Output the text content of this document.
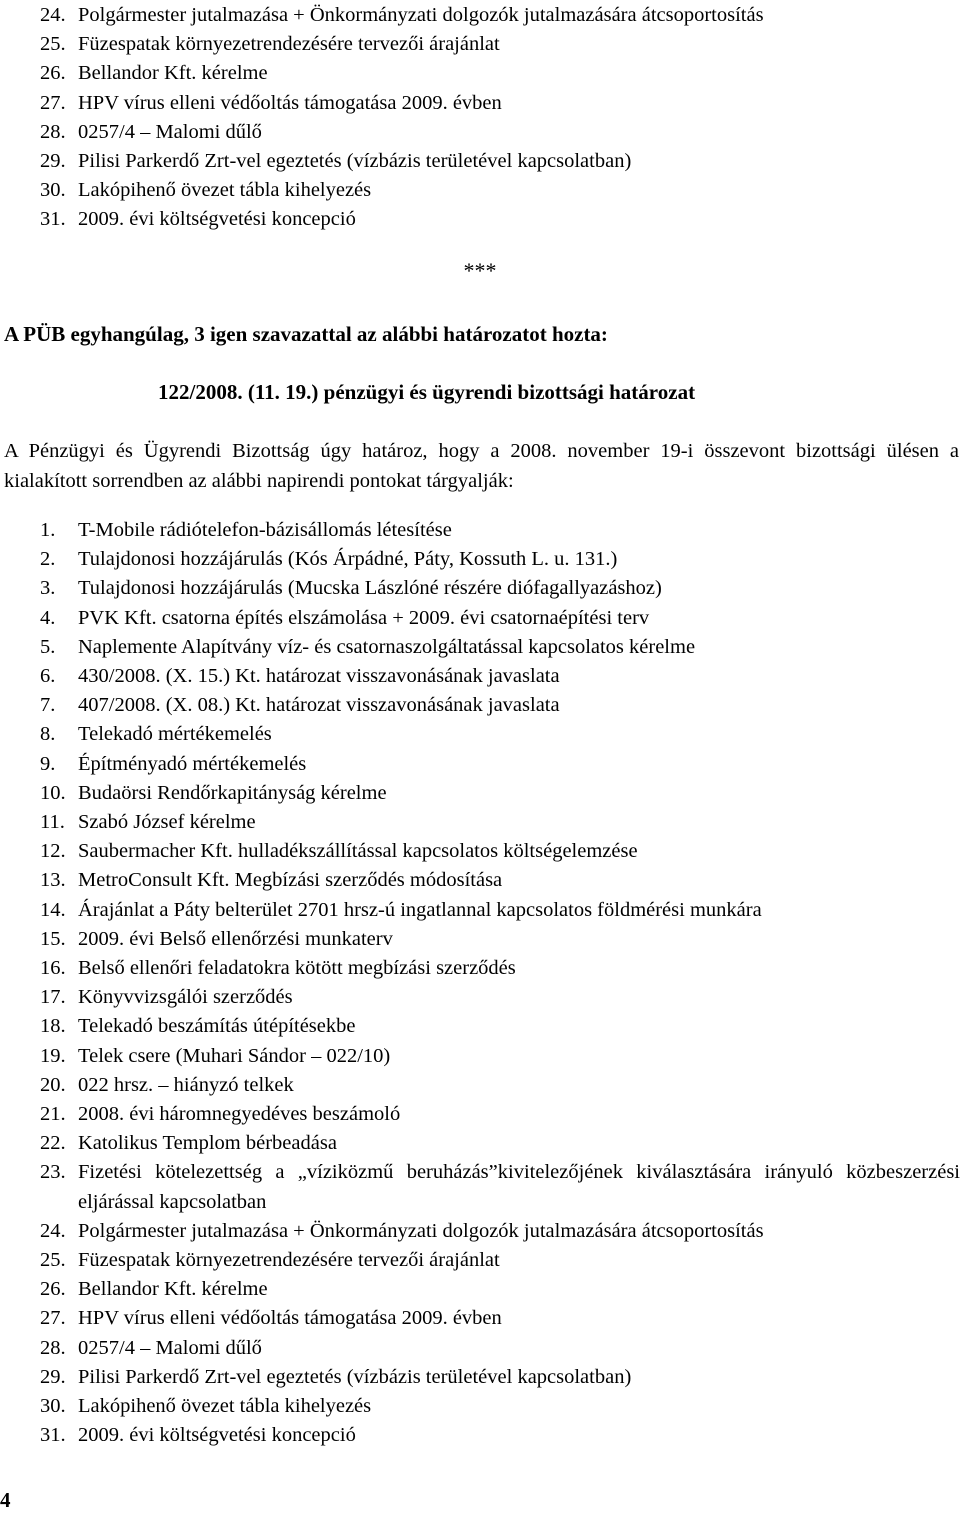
24. Polgármester jutalmazása + Önkormányzati dolgozók jutalmazására átcsoportosítás
25. Füzespatak környezetrendezésére tervezői árajánlat
26. Bellandor Kft. kérelme
27. HPV vírus elleni védőoltás támogatása 2009. évben
28. 0257/4 – Malomi dűlő
29. Pilisi Parkerdő Zrt-vel egeztetés (vízbázis területével kapcsolatban)
30. Lakópihenő övezet tábla kihelyezés
31. 2009. évi költségvetési koncepció
***
A PÜB egyhangúlag, 3 igen szavazattal az alábbi határozatot hozta:
122/2008. (11. 19.) pénzügyi és ügyrendi bizottsági határozat
A Pénzügyi és Ügyrendi Bizottság úgy határoz, hogy a 2008. november 19-i összevont bizottsági ülésen a kialakított sorrendben az alábbi napirendi pontokat tárgyalják:
1. T-Mobile rádiótelefon-bázisállomás létesítése
2. Tulajdonosi hozzájárulás (Kós Árpádné, Páty, Kossuth L. u. 131.)
3. Tulajdonosi hozzájárulás (Mucska Lászlóné részére diófagallyazáshoz)
4. PVK Kft. csatorna építés elszámolása + 2009. évi csatornaépítési terv
5. Naplemente Alapítvány víz- és csatornaszolgáltatással kapcsolatos kérelme
6. 430/2008. (X. 15.) Kt. határozat visszavonásának javaslata
7. 407/2008. (X. 08.) Kt. határozat visszavonásának javaslata
8. Telekadó mértékemelés
9. Építményadó mértékemelés
10. Budaörsi Rendőrkapitányság kérelme
11. Szabó József kérelme
12. Saubermacher Kft. hulladékszállítással kapcsolatos költségelemzése
13. MetroConsult Kft. Megbízási szerződés módosítása
14. Árajánlat a Páty belterület 2701 hrsz-ú ingatlannal kapcsolatos földmérési munkára
15. 2009. évi Belső ellenőrzési munkaterv
16. Belső ellenőri feladatokra kötött megbízási szerződés
17. Könyvvizsgálói szerződés
18. Telekadó beszámítás útépítésekbe
19. Telek csere (Muhari Sándor – 022/10)
20. 022 hrsz. – hiányzó telkek
21. 2008. évi háromnegyedéves beszámoló
22. Katolikus Templom bérbeadása
23. Fizetési kötelezettség a „víziközmű beruházás”kivitelezőjének kiválasztására irányuló közbeszerzési eljárással kapcsolatban
24. Polgármester jutalmazása + Önkormányzati dolgozók jutalmazására átcsoportosítás
25. Füzespatak környezetrendezésére tervezői árajánlat
26. Bellandor Kft. kérelme
27. HPV vírus elleni védőoltás támogatása 2009. évben
28. 0257/4 – Malomi dűlő
29. Pilisi Parkerdő Zrt-vel egeztetés (vízbázis területével kapcsolatban)
30. Lakópihenő övezet tábla kihelyezés
31. 2009. évi költségvetési koncepció
4
